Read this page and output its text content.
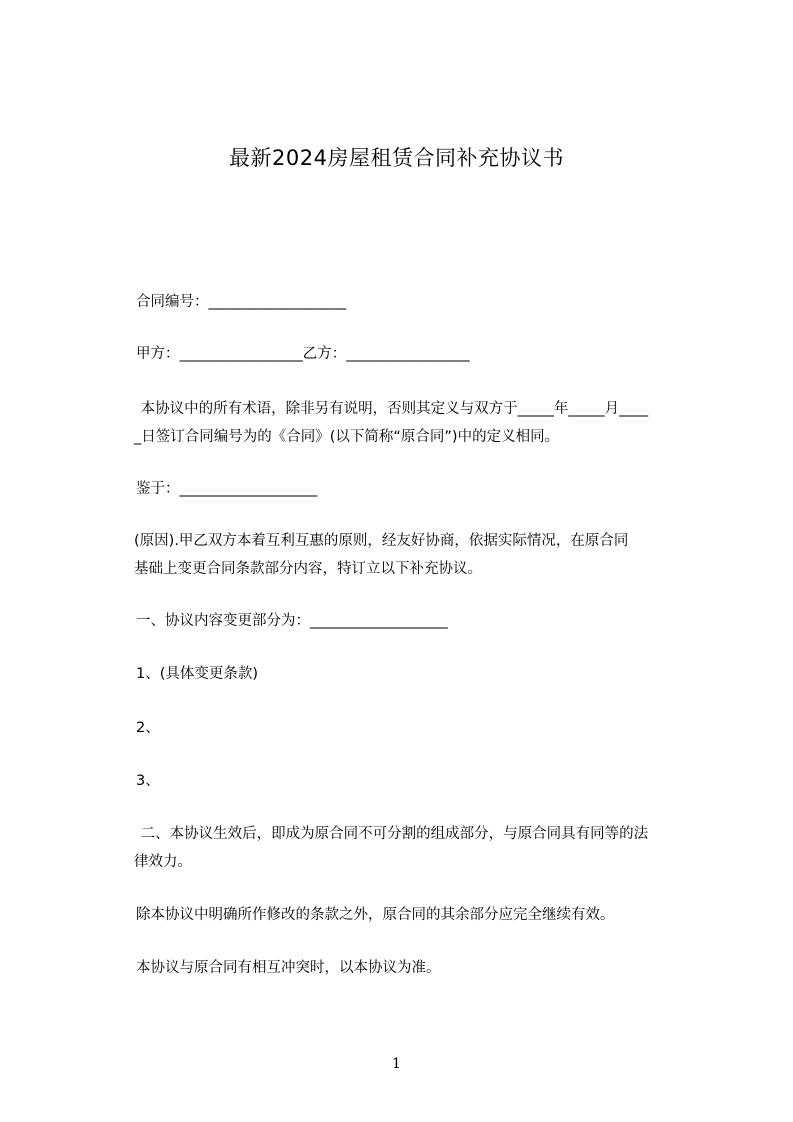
最新2024房屋租赁合同补充协议书
合同编号：___________________
甲方：_________________乙方：_________________
本协议中的所有术语，除非另有说明，否则其定义与双方于_____年_____月____
_日签订合同编号为的《合同》(以下简称“原合同”)中的定义相同。
鉴于：___________________
(原因).甲乙双方本着互利互惠的原则，经友好协商，依据实际情况，在原合同
基础上变更合同条款部分内容，特订立以下补充协议。
一、协议内容变更部分为：___________________
1、(具体变更条款)
2、
3、
二、本协议生效后，即成为原合同不可分割的组成部分，与原合同具有同等的法
律效力。
除本协议中明确所作修改的条款之外，原合同的其余部分应完全继续有效。
本协议与原合同有相互冲突时，以本协议为准。
1
